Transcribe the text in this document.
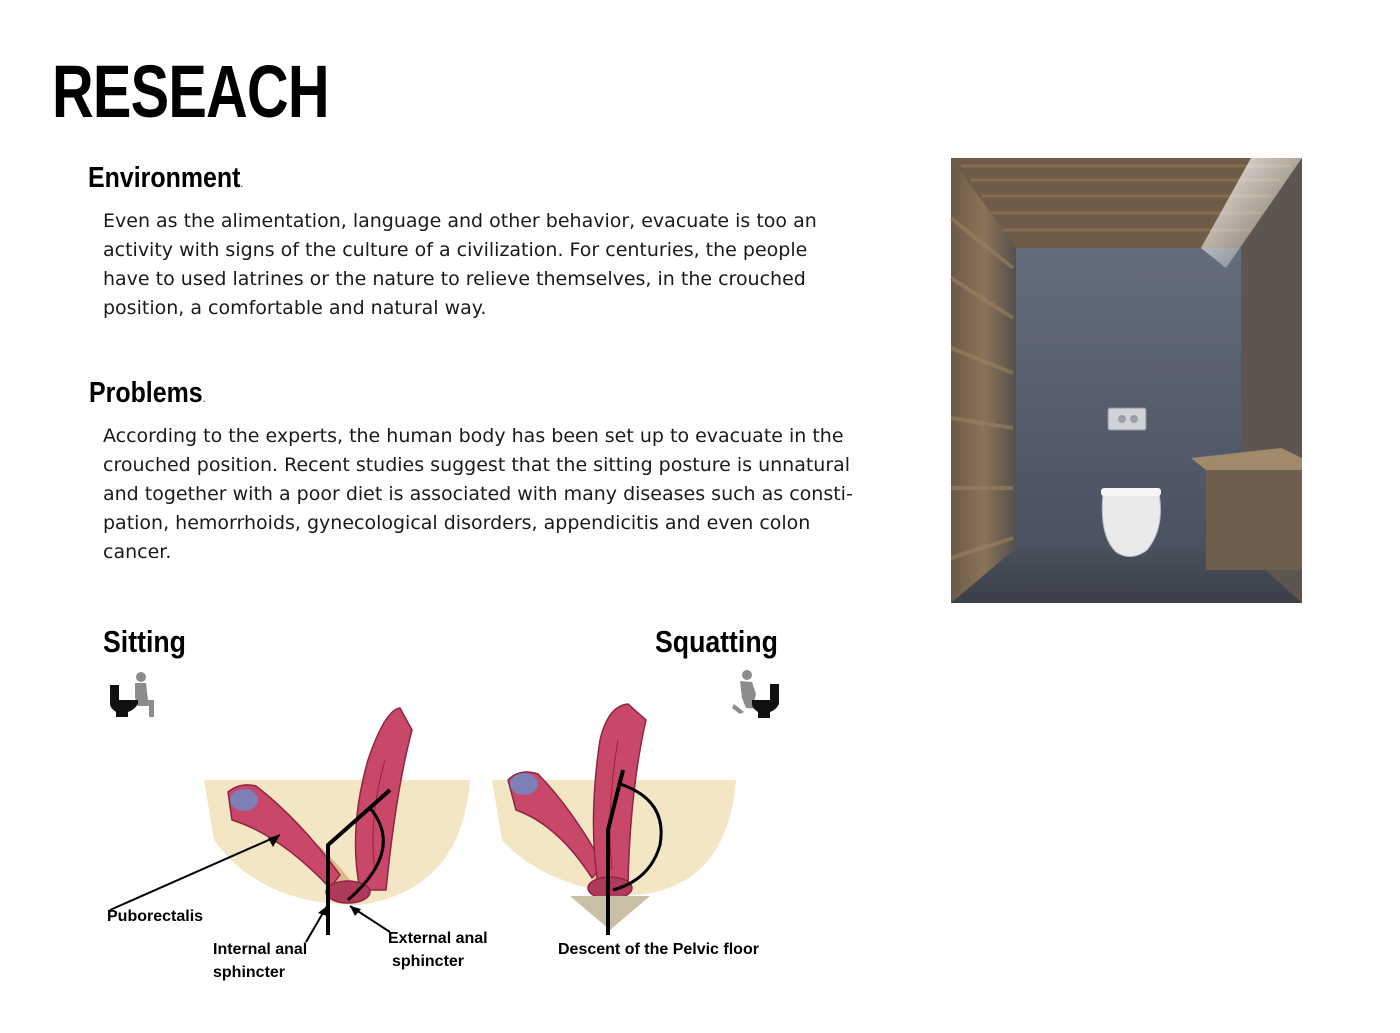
RESEACH
Environment.

Even as the alimentation, language and other behavior, evacuate is too an activity with signs of the culture of a civilization. For centuries, the people have to used latrines or the nature to relieve themselves, in the crouched position, a comfortable and natural way.

Problems.

According to the experts, the human body has been set up to evacuate in the crouched position. Recent studies suggest that the sitting posture is unnatural and together with a poor diet is associated with many diseases such as consti-pation, hemorrhoids, gynecological disorders, appendicitis and even colon cancer.

Sitting	Squatting
Puborectalis
Internal anal
sphincter
External anal
sphincter
Descent of the Pelvic floor
